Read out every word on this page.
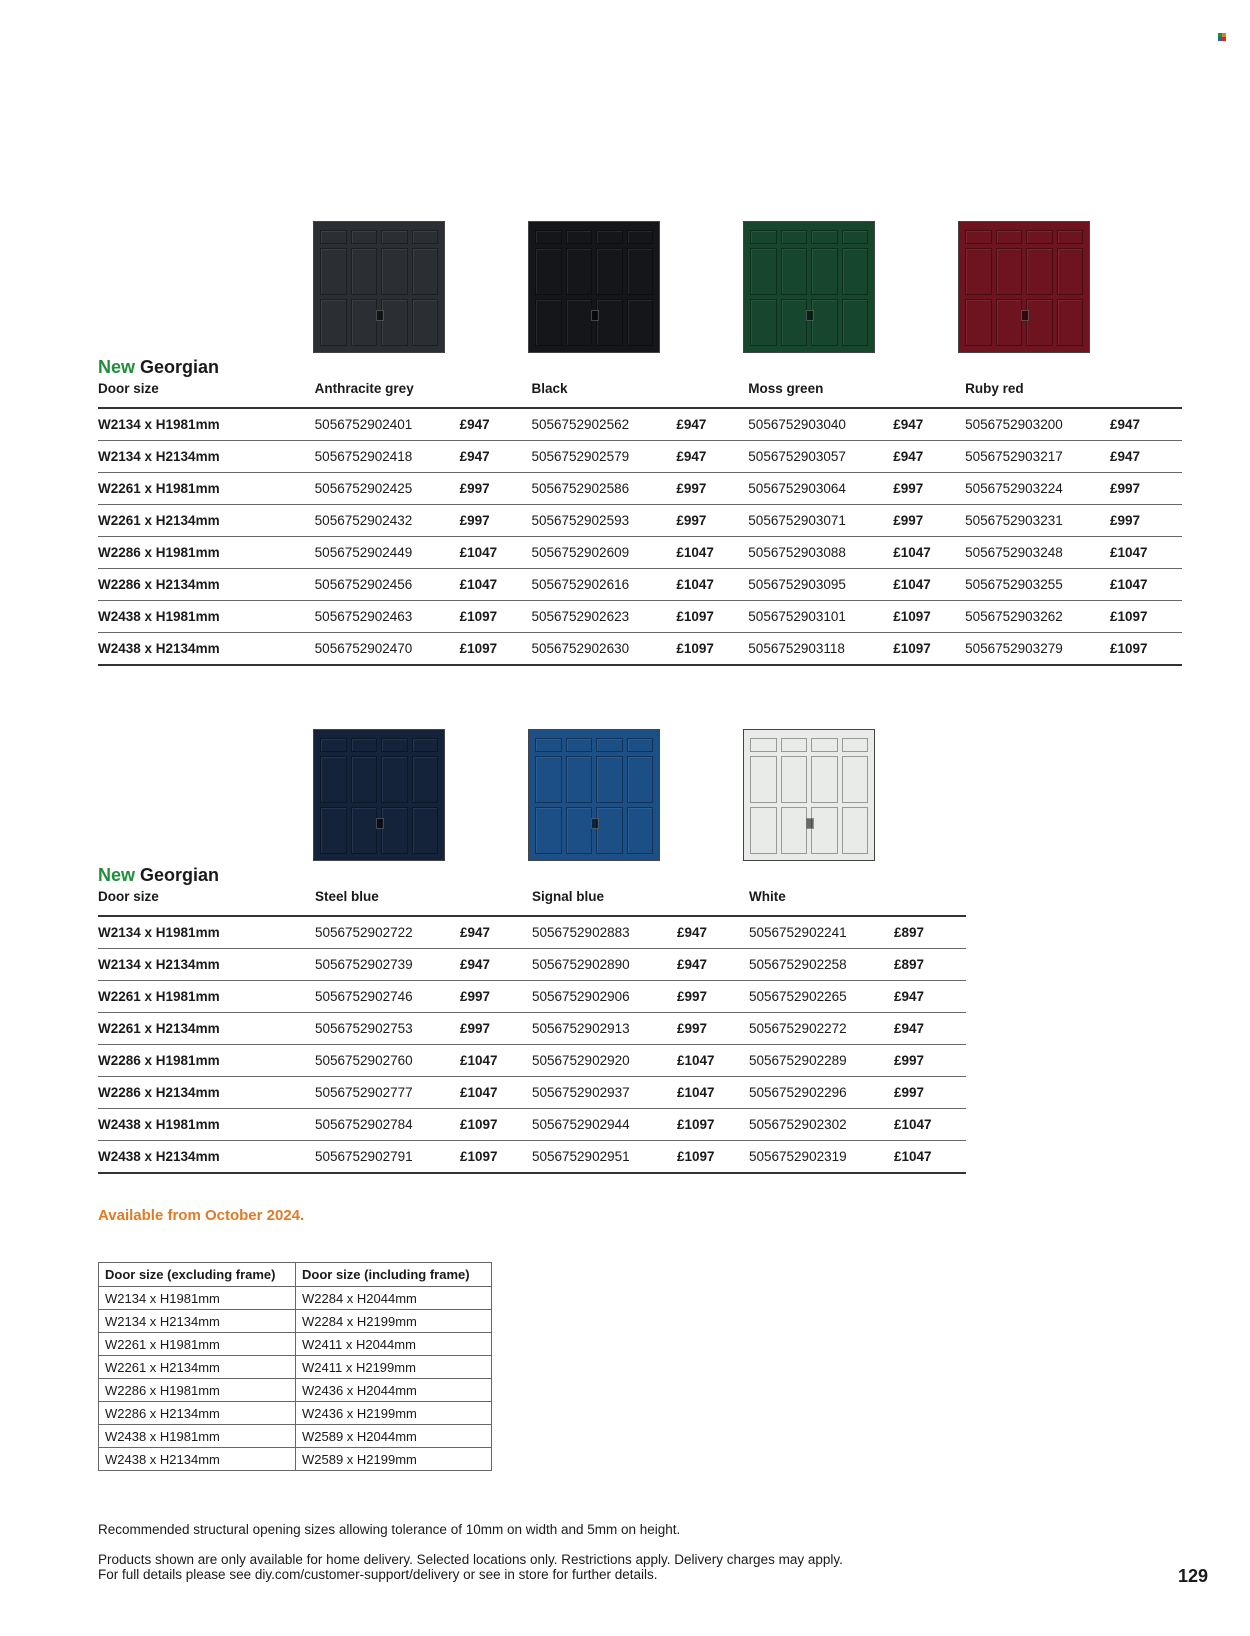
New Georgian
Door size	Anthracite grey		Black		Moss green		Ruby red	
W2134 x H1981mm	5056752902401	£947	5056752902562	£947	5056752903040	£947	5056752903200	£947
W2134 x H2134mm	5056752902418	£947	5056752902579	£947	5056752903057	£947	5056752903217	£947
W2261 x H1981mm	5056752902425	£997	5056752902586	£997	5056752903064	£997	5056752903224	£997
W2261 x H2134mm	5056752902432	£997	5056752902593	£997	5056752903071	£997	5056752903231	£997
W2286 x H1981mm	5056752902449	£1047	5056752902609	£1047	5056752903088	£1047	5056752903248	£1047
W2286 x H2134mm	5056752902456	£1047	5056752902616	£1047	5056752903095	£1047	5056752903255	£1047
W2438 x H1981mm	5056752902463	£1097	5056752902623	£1097	5056752903101	£1097	5056752903262	£1097
W2438 x H2134mm	5056752902470	£1097	5056752902630	£1097	5056752903118	£1097	5056752903279	£1097
New Georgian
Door size	Steel blue		Signal blue		White	
W2134 x H1981mm	5056752902722	£947	5056752902883	£947	5056752902241	£897
W2134 x H2134mm	5056752902739	£947	5056752902890	£947	5056752902258	£897
W2261 x H1981mm	5056752902746	£997	5056752902906	£997	5056752902265	£947
W2261 x H2134mm	5056752902753	£997	5056752902913	£997	5056752902272	£947
W2286 x H1981mm	5056752902760	£1047	5056752902920	£1047	5056752902289	£997
W2286 x H2134mm	5056752902777	£1047	5056752902937	£1047	5056752902296	£997
W2438 x H1981mm	5056752902784	£1097	5056752902944	£1097	5056752902302	£1047
W2438 x H2134mm	5056752902791	£1097	5056752902951	£1097	5056752902319	£1047
Available from October 2024.
Door size (excluding frame)	Door size (including frame)
W2134 x H1981mm	W2284 x H2044mm
W2134 x H2134mm	W2284 x H2199mm
W2261 x H1981mm	W2411 x H2044mm
W2261 x H2134mm	W2411 x H2199mm
W2286 x H1981mm	W2436 x H2044mm
W2286 x H2134mm	W2436 x H2199mm
W2438 x H1981mm	W2589 x H2044mm
W2438 x H2134mm	W2589 x H2199mm
Recommended structural opening sizes allowing tolerance of 10mm on width and 5mm on height.
Products shown are only available for home delivery. Selected locations only. Restrictions apply. Delivery charges may apply.
For full details please see diy.com/customer-support/delivery or see in store for further details.	129
